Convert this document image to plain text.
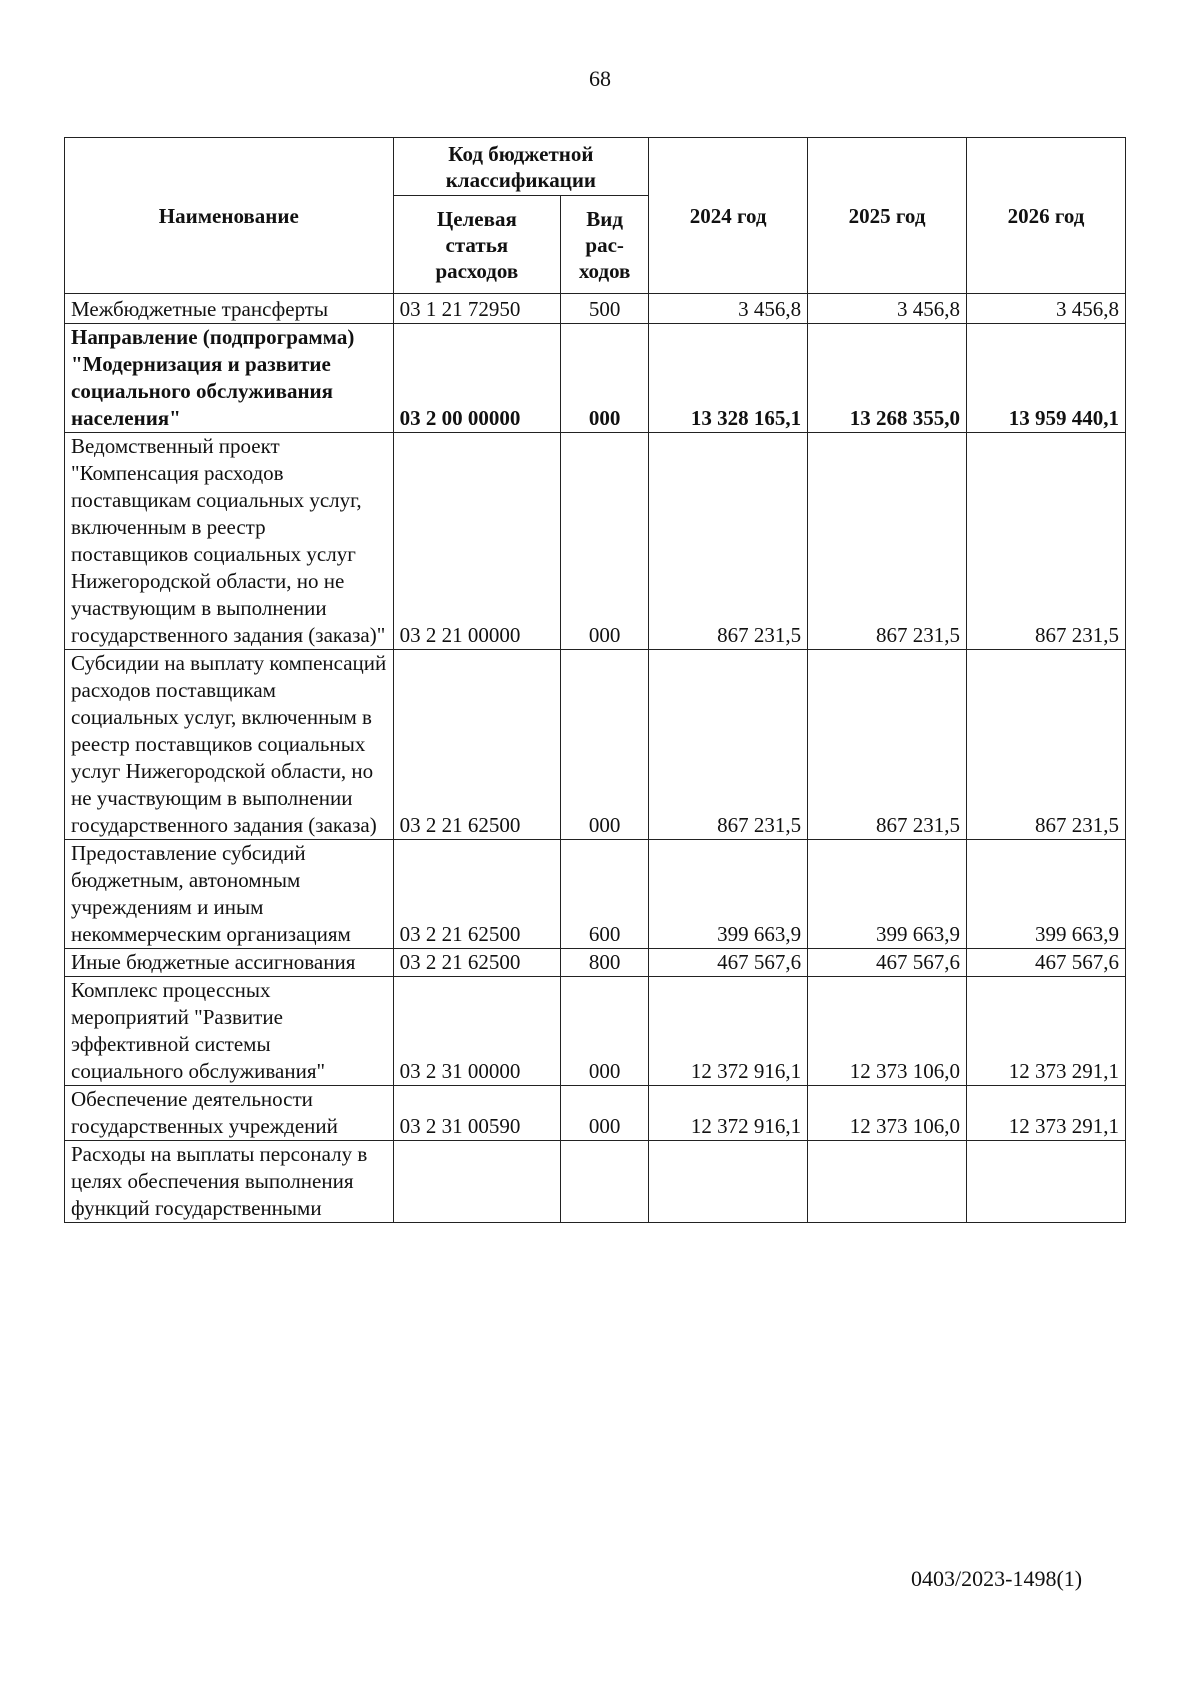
68
Наименование	Код бюджетной классификации		2024 год	2025 год	2026 год
	Целевая статья расходов	Вид рас-ходов			
Межбюджетные трансферты	03 1 21 72950	500	3 456,8	3 456,8	3 456,8
Направление (подпрограмма) "Модернизация и развитие социального обслуживания населения"	03 2 00 00000	000	13 328 165,1	13 268 355,0	13 959 440,1
Ведомственный проект "Компенсация расходов поставщикам социальных услуг, включенным в реестр поставщиков социальных услуг Нижегородской области, но не участвующим в выполнении государственного задания (заказа)"	03 2 21 00000	000	867 231,5	867 231,5	867 231,5
Субсидии на выплату компенсаций расходов поставщикам социальных услуг, включенным в реестр поставщиков социальных услуг Нижегородской области, но не участвующим в выполнении государственного задания (заказа)	03 2 21 62500	000	867 231,5	867 231,5	867 231,5
Предоставление субсидий бюджетным, автономным учреждениям и иным некоммерческим организациям	03 2 21 62500	600	399 663,9	399 663,9	399 663,9
Иные бюджетные ассигнования	03 2 21 62500	800	467 567,6	467 567,6	467 567,6
Комплекс процессных мероприятий "Развитие эффективной системы социального обслуживания"	03 2 31 00000	000	12 372 916,1	12 373 106,0	12 373 291,1
Обеспечение деятельности государственных учреждений	03 2 31 00590	000	12 372 916,1	12 373 106,0	12 373 291,1
Расходы на выплаты персоналу в целях обеспечения выполнения функций государственными					
0403/2023-1498(1)
